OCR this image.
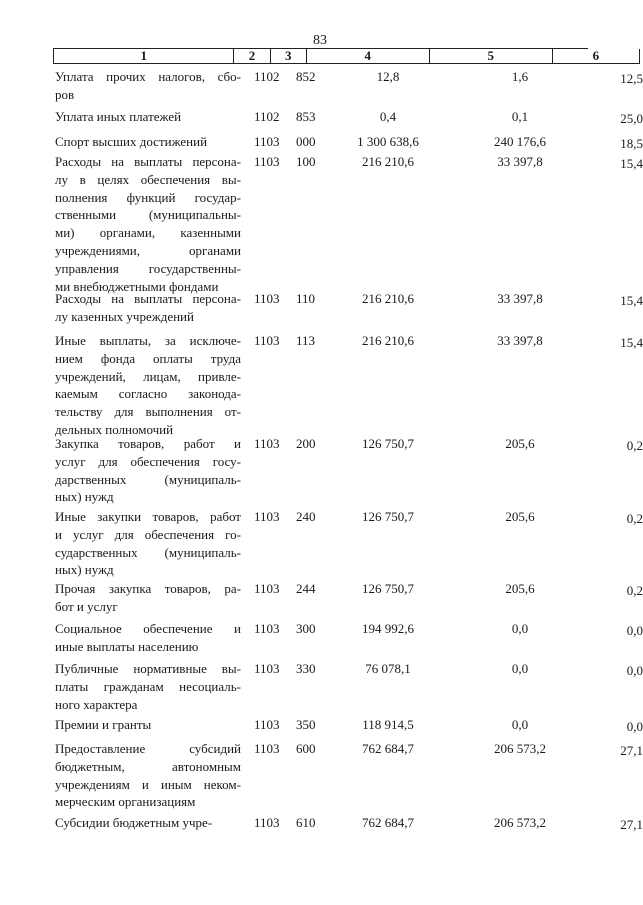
83
1	2	3	4	5	6
Уплата прочих налогов, сбо-
ров
1102	852	12,8	1,6	12,5
Уплата иных платежей	1102	853	0,4	0,1	25,0
Спорт высших достижений	1103	000	1 300 638,6	240 176,6	18,5
Расходы на выплаты персона-
лу в целях обеспечения вы-
полнения функций государ-
ственными (муниципальны-
ми) органами, казенными
учреждениями, органами
управления государственны-
ми внебюджетными фондами
1103	100	216 210,6	33 397,8	15,4
Расходы на выплаты персона-
лу казенных учреждений
1103	110	216 210,6	33 397,8	15,4
Иные выплаты, за исключе-
нием фонда оплаты труда
учреждений, лицам, привле-
каемым согласно законода-
тельству для выполнения от-
дельных полномочий
1103	113	216 210,6	33 397,8	15,4
Закупка товаров, работ и
услуг для обеспечения госу-
дарственных (муниципаль-
ных) нужд
1103	200	126 750,7	205,6	0,2
Иные закупки товаров, работ
и услуг для обеспечения го-
сударственных (муниципаль-
ных) нужд
1103	240	126 750,7	205,6	0,2
Прочая закупка товаров, ра-
бот и услуг
1103	244	126 750,7	205,6	0,2
Социальное обеспечение и
иные выплаты населению
1103	300	194 992,6	0,0	0,0
Публичные нормативные вы-
платы гражданам несоциаль-
ного характера
1103	330	76 078,1	0,0	0,0
Премии и гранты	1103	350	118 914,5	0,0	0,0
Предоставление субсидий
бюджетным, автономным
учреждениям и иным неком-
мерческим организациям
1103	600	762 684,7	206 573,2	27,1
Субсидии бюджетным учре-	1103	610	762 684,7	206 573,2	27,1
